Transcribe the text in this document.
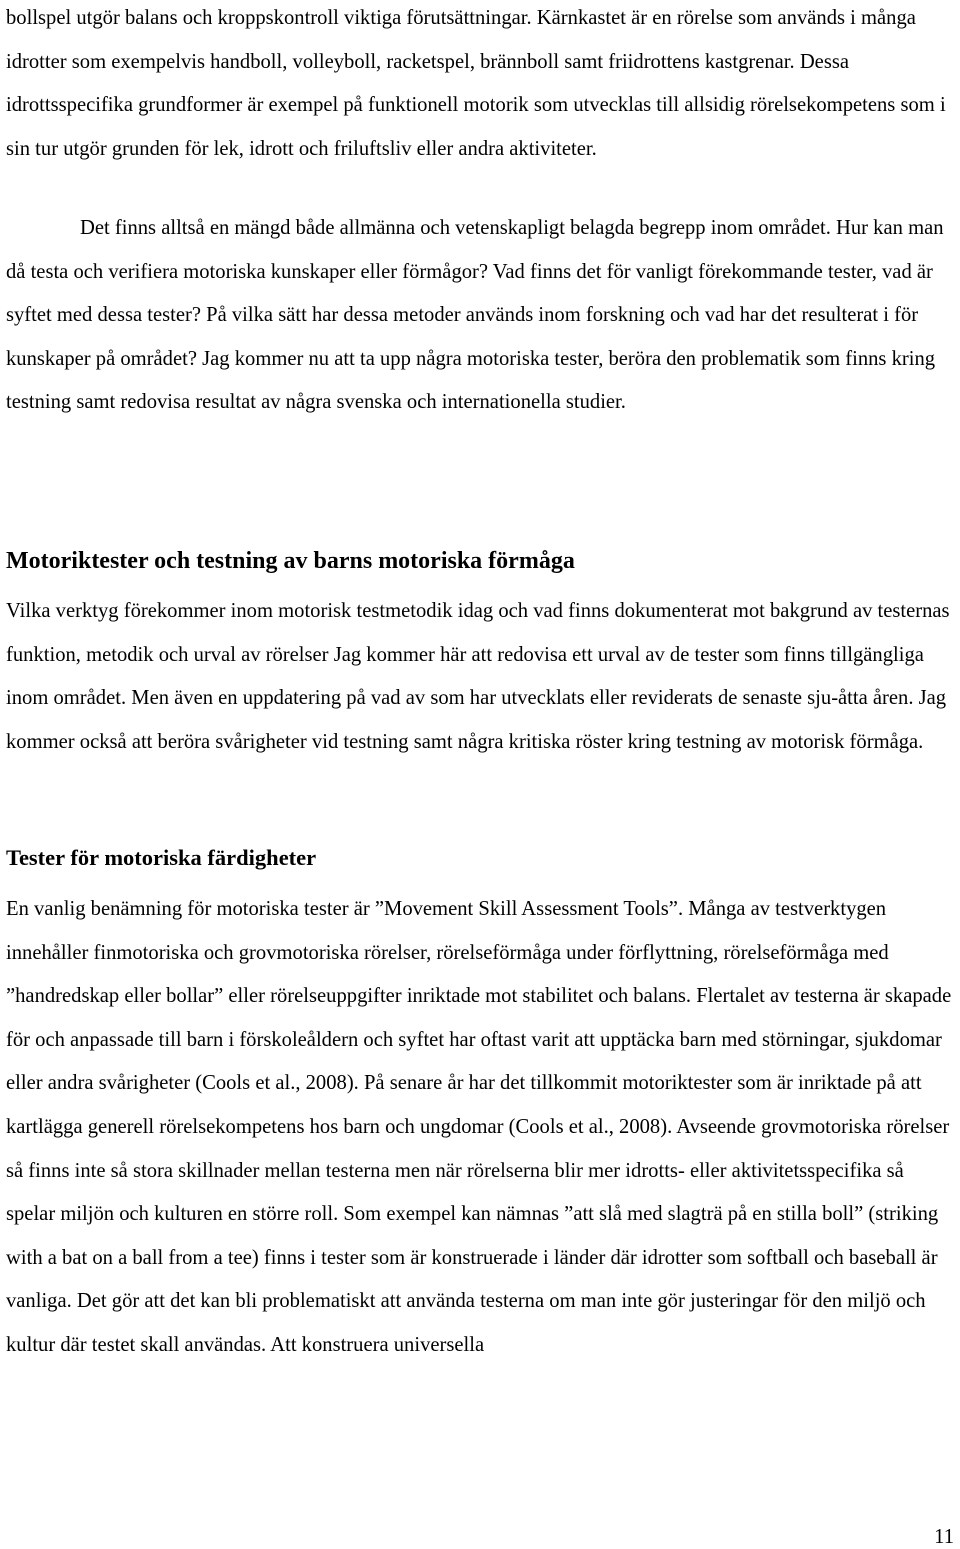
bollspel utgör balans och kroppskontroll viktiga förutsättningar. Kärnkastet är en rörelse som används i många idrotter som exempelvis handboll, volleyboll, racketspel, brännboll samt friidrottens kastgrenar. Dessa idrottsspecifika grundformer är exempel på funktionell motorik som utvecklas till allsidig rörelsekompetens som i sin tur utgör grunden för lek, idrott och friluftsliv eller andra aktiviteter.

Det finns alltså en mängd både allmänna och vetenskapligt belagda begrepp inom området. Hur kan man då testa och verifiera motoriska kunskaper eller förmågor? Vad finns det för vanligt förekommande tester, vad är syftet med dessa tester? På vilka sätt har dessa metoder används inom forskning och vad har det resulterat i för kunskaper på området? Jag kommer nu att ta upp några motoriska tester, beröra den problematik som finns kring testning samt redovisa resultat av några svenska och internationella studier.

Motoriktester och testning av barns motoriska förmåga

Vilka verktyg förekommer inom motorisk testmetodik idag och vad finns dokumenterat mot bakgrund av testernas funktion, metodik och urval av rörelser Jag kommer här att redovisa ett urval av de tester som finns tillgängliga inom området. Men även en uppdatering på vad av som har utvecklats eller reviderats de senaste sju-åtta åren. Jag kommer också att beröra svårigheter vid testning samt några kritiska röster kring testning av motorisk förmåga.

Tester för motoriska färdigheter

En vanlig benämning för motoriska tester är ”Movement Skill Assessment Tools”. Många av testverktygen innehåller finmotoriska och grovmotoriska rörelser, rörelseförmåga under förflyttning, rörelseförmåga med ”handredskap eller bollar” eller rörelseuppgifter inriktade mot stabilitet och balans. Flertalet av testerna är skapade för och anpassade till barn i förskoleåldern och syftet har oftast varit att upptäcka barn med störningar, sjukdomar eller andra svårigheter (Cools et al., 2008). På senare år har det tillkommit motoriktester som är inriktade på att kartlägga generell rörelsekompetens hos barn och ungdomar (Cools et al., 2008). Avseende grovmotoriska rörelser så finns inte så stora skillnader mellan testerna men när rörelserna blir mer idrotts- eller aktivitetsspecifika så spelar miljön och kulturen en större roll. Som exempel kan nämnas ”att slå med slagträ på en stilla boll” (striking with a bat on a ball from a tee) finns i tester som är konstruerade i länder där idrotter som softball och baseball är vanliga. Det gör att det kan bli problematiskt att använda testerna om man inte gör justeringar för den miljö och kultur där testet skall användas. Att konstruera universella

11
